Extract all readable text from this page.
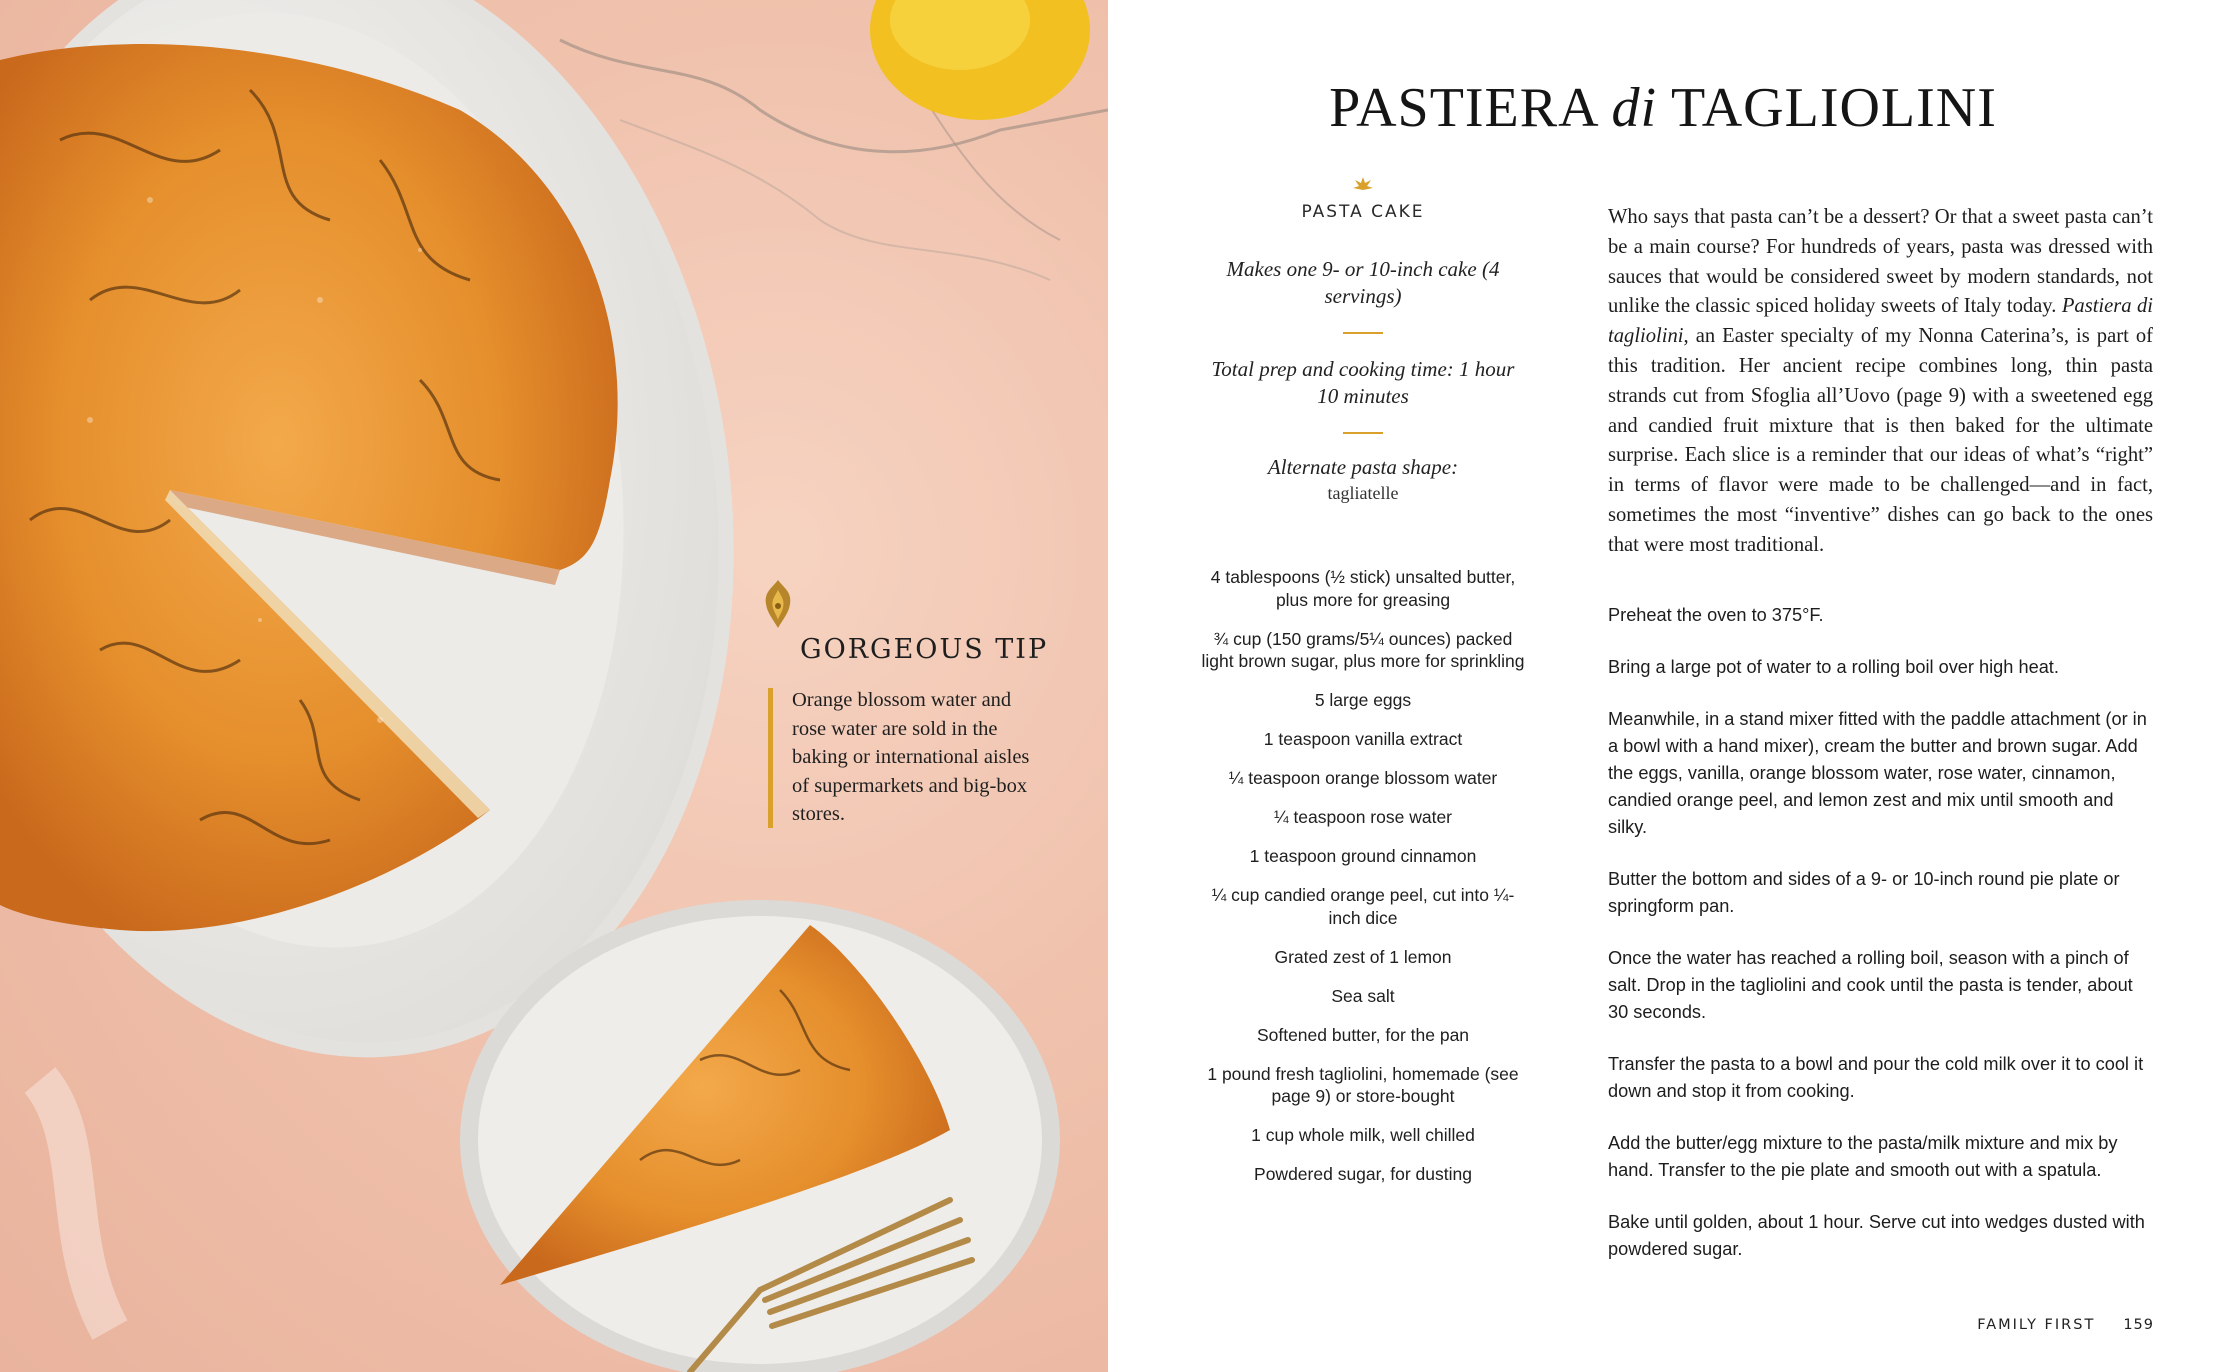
GORGEOUS TIP
Orange blossom water and rose water are sold in the baking or international aisles of supermarkets and big-box stores.
PASTIERA di TAGLIOLINI
PASTA CAKE
Makes one 9- or 10-inch cake (4 servings)
Total prep and cooking time: 1 hour 10 minutes
Alternate pasta shape:
tagliatelle
4 tablespoons (½ stick) unsalted butter, plus more for greasing
¾ cup (150 grams/5¼ ounces) packed light brown sugar, plus more for sprinkling
5 large eggs
1 teaspoon vanilla extract
¼ teaspoon orange blossom water
¼ teaspoon rose water
1 teaspoon ground cinnamon
¼ cup candied orange peel, cut into ¼-inch dice
Grated zest of 1 lemon
Sea salt
Softened butter, for the pan
1 pound fresh tagliolini, homemade (see page 9) or store-bought
1 cup whole milk, well chilled
Powdered sugar, for dusting
Who says that pasta can’t be a dessert? Or that a sweet pasta can’t be a main course? For hundreds of years, pasta was dressed with sauces that would be considered sweet by modern standards, not unlike the classic spiced holiday sweets of Italy today. Pastiera di tagliolini, an Easter specialty of my Nonna Caterina’s, is part of this tradition. Her ancient recipe combines long, thin pasta strands cut from Sfoglia all’Uovo (page 9) with a sweetened egg and candied fruit mixture that is then baked for the ultimate surprise. Each slice is a reminder that our ideas of what’s “right” in terms of flavor were made to be challenged—and in fact, sometimes the most “inventive” dishes can go back to the ones that were most traditional.
Preheat the oven to 375°F.
Bring a large pot of water to a rolling boil over high heat.
Meanwhile, in a stand mixer fitted with the paddle attachment (or in a bowl with a hand mixer), cream the butter and brown sugar. Add the eggs, vanilla, orange blossom water, rose water, cinnamon, candied orange peel, and lemon zest and mix until smooth and silky.
Butter the bottom and sides of a 9- or 10-inch round pie plate or springform pan.
Once the water has reached a rolling boil, season with a pinch of salt. Drop in the tagliolini and cook until the pasta is tender, about 30 seconds.
Transfer the pasta to a bowl and pour the cold milk over it to cool it down and stop it from cooking.
Add the butter/egg mixture to the pasta/milk mixture and mix by hand. Transfer to the pie plate and smooth out with a spatula.
Bake until golden, about 1 hour. Serve cut into wedges dusted with powdered sugar.
FAMILY FIRST 159
